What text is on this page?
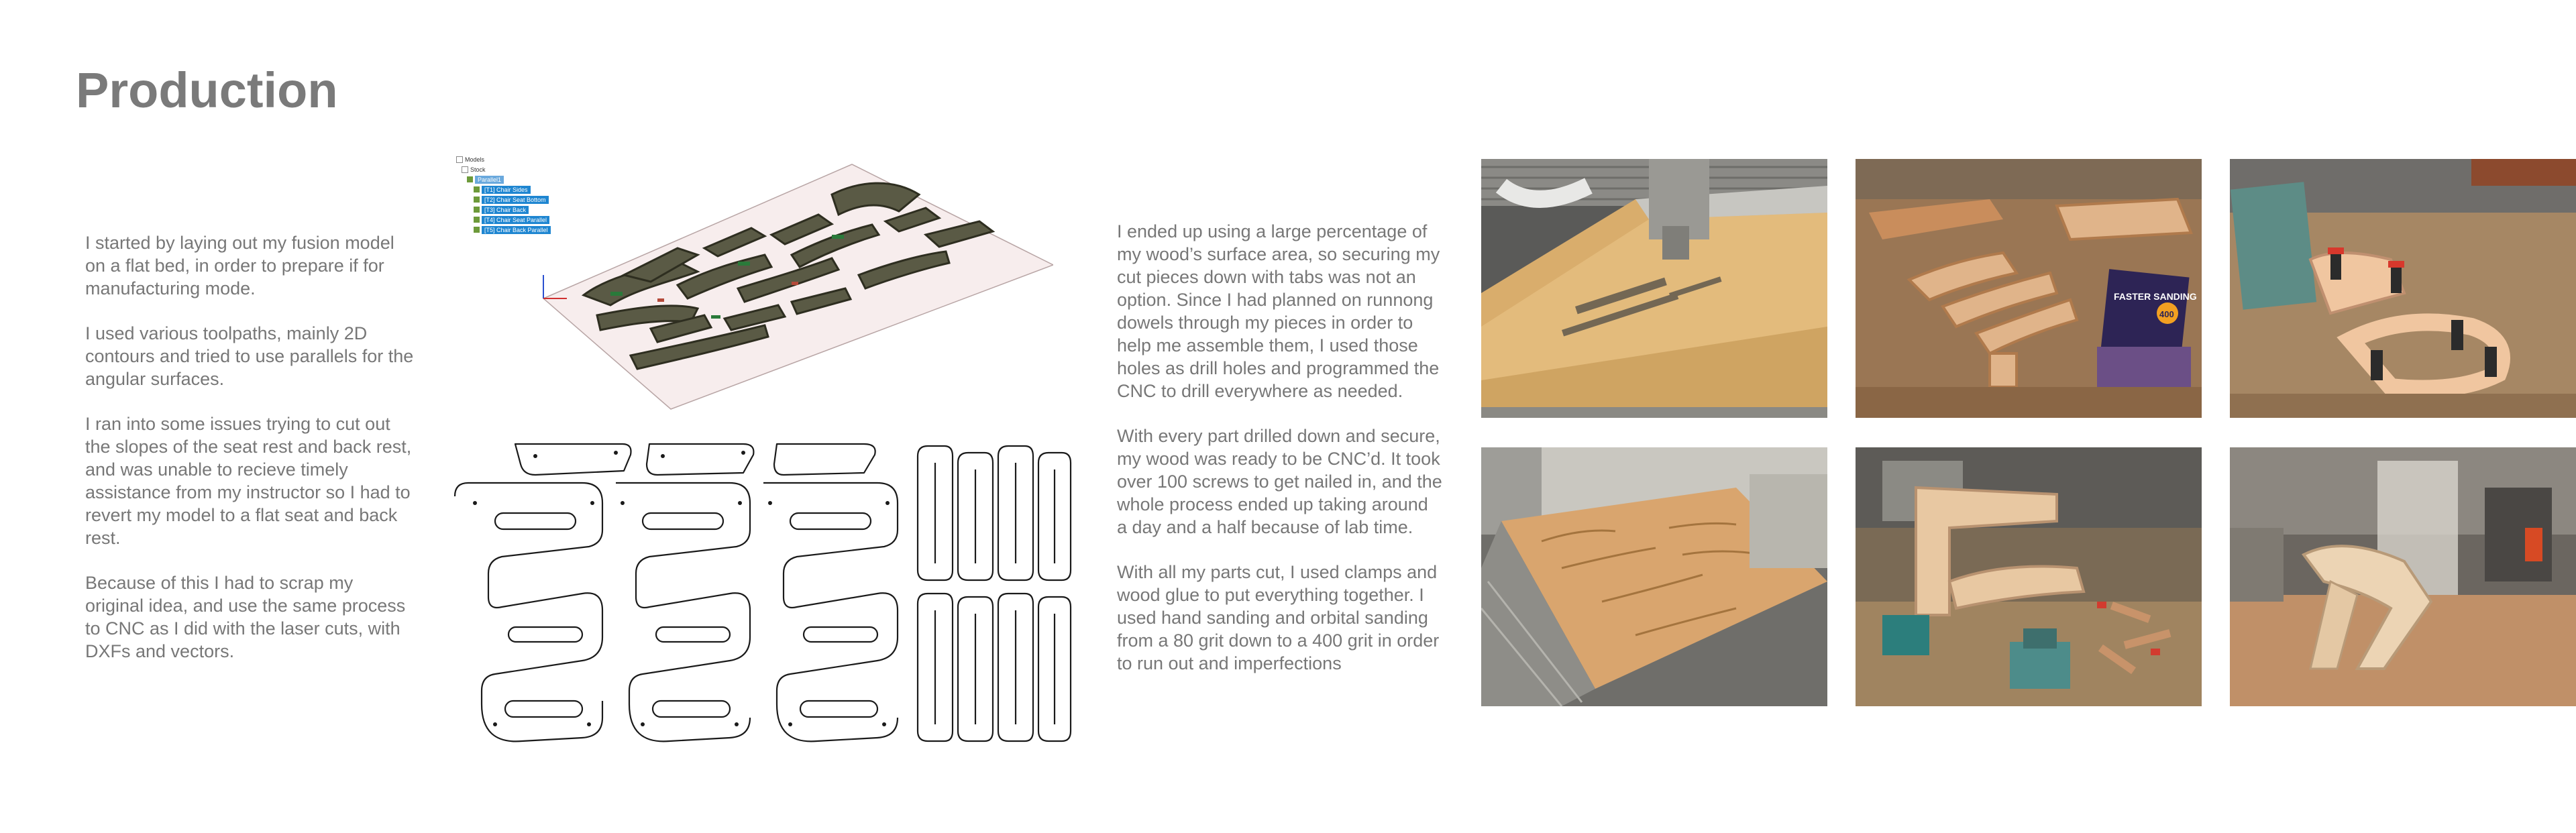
Production

I started by laying out my fusion model on a flat bed, in order to prepare if for manufacturing mode.

I used various toolpaths, mainly 2D contours and tried to use parallels for the angular surfaces.

I ran into some issues trying to cut out the slopes of the seat rest and back rest, and was unable to recieve timely assistance from my instructor so I had to revert my model to a flat seat and back rest.

Because of this I had to scrap my original idea, and use the same process to CNC as I did with the laser cuts, with DXFs and vectors.

Models
Stock
Parallel1
[T1] Chair Sides
[T2] Chair Seat Bottom
[T3] Chair Back
[T4] Chair Seat Parallel
[T5] Chair Back Parallel	I ended up using a large percentage of my wood’s surface area, so securing my cut pieces down with tabs was not an option. Since I had planned on runnong dowels through my pieces in order to help me assemble them, I used those holes as drill holes and programmed the CNC to drill everywhere as needed.

With every part drilled down and secure, my wood was ready to be CNC’d. It took over 100 screws to get nailed in, and the whole process ended up taking around a day and a half because of lab time.

With all my parts cut, I used clamps and wood glue to put everything together. I used hand sanding and orbital sanding from a 80 grit down to a 400 grit in order to run out and imperfections

FASTER SANDING
400
